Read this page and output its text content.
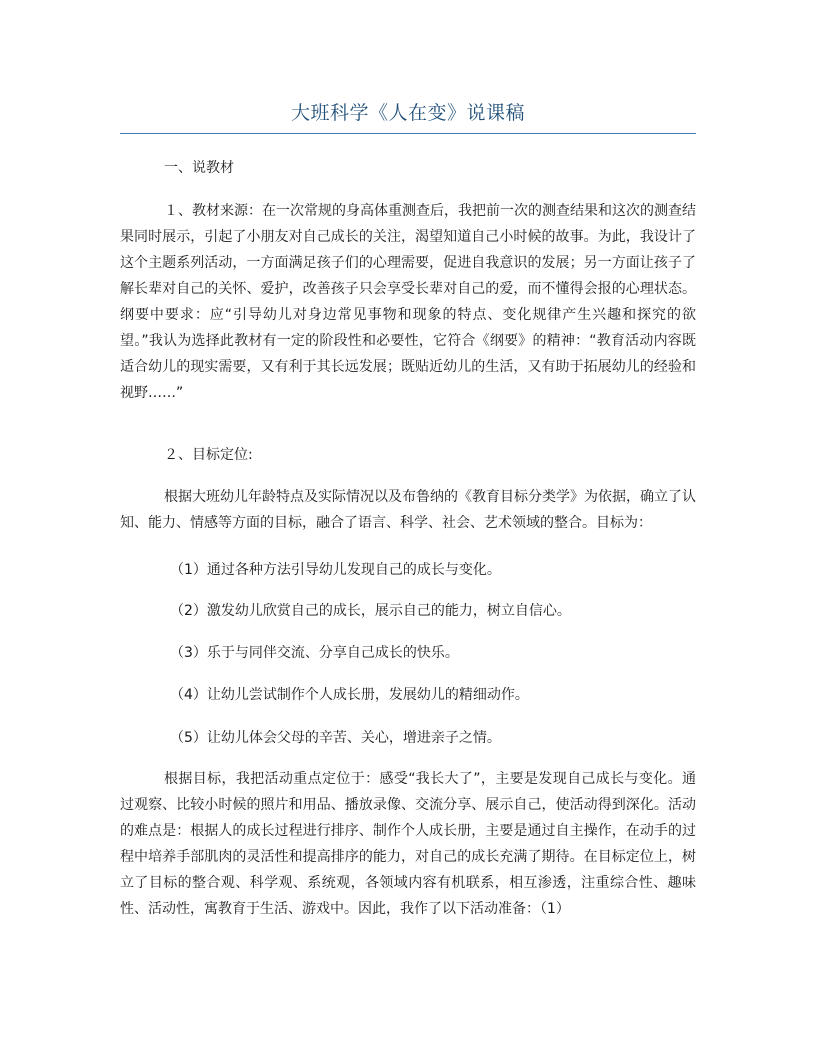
大班科学《人在变》说课稿
一、说教材
１、教材来源：在一次常规的身高体重测查后，我把前一次的测查结果和这次的测查结果同时展示，引起了小朋友对自己成长的关注，渴望知道自己小时候的故事。为此，我设计了这个主题系列活动，一方面满足孩子们的心理需要，促进自我意识的发展；另一方面让孩子了解长辈对自己的关怀、爱护，改善孩子只会享受长辈对自己的爱，而不懂得会报的心理状态。纲要中要求：应“引导幼儿对身边常见事物和现象的特点、变化规律产生兴趣和探究的欲望。”我认为选择此教材有一定的阶段性和必要性，它符合《纲要》的精神：“教育活动内容既适合幼儿的现实需要，又有利于其长远发展；既贴近幼儿的生活，又有助于拓展幼儿的经验和视野……”
２、目标定位:
根据大班幼儿年龄特点及实际情况以及布鲁纳的《教育目标分类学》为依据，确立了认知、能力、情感等方面的目标，融合了语言、科学、社会、艺术领域的整合。目标为：
（1）通过各种方法引导幼儿发现自己的成长与变化。
（2）激发幼儿欣赏自己的成长，展示自己的能力，树立自信心。
（3）乐于与同伴交流、分享自己成长的快乐。
（4）让幼儿尝试制作个人成长册，发展幼儿的精细动作。
（5）让幼儿体会父母的辛苦、关心，增进亲子之情。
根据目标，我把活动重点定位于：感受“我长大了”，主要是发现自己成长与变化。通过观察、比较小时候的照片和用品、播放录像、交流分享、展示自己，使活动得到深化。活动的难点是：根据人的成长过程进行排序、制作个人成长册，主要是通过自主操作，在动手的过程中培养手部肌肉的灵活性和提高排序的能力，对自己的成长充满了期待。在目标定位上，树立了目标的整合观、科学观、系统观，各领域内容有机联系，相互渗透，注重综合性、趣味性、活动性，寓教育于生活、游戏中。因此，我作了以下活动准备：（1）
